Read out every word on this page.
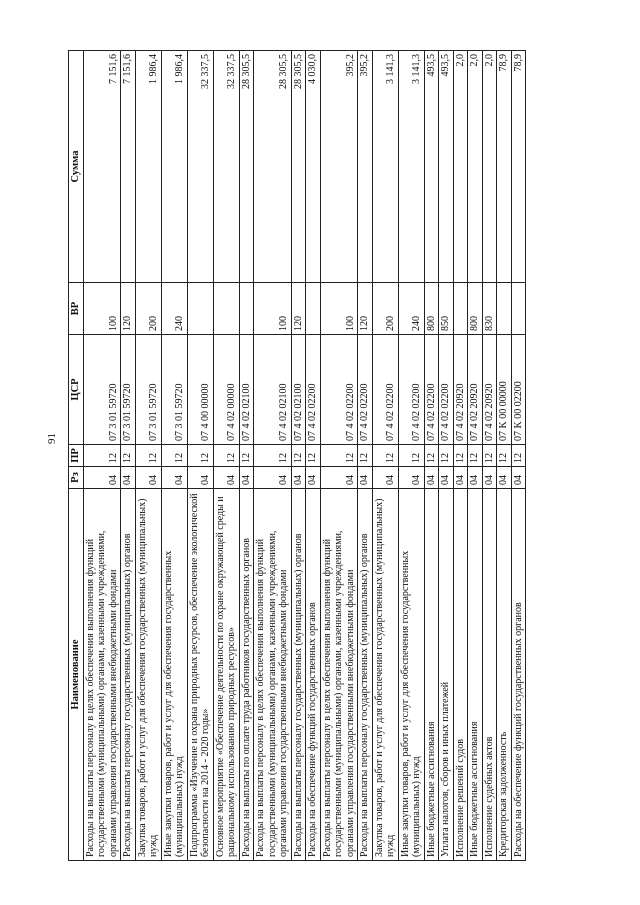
91
Наименование	Рз	ПР	ЦСР	ВР	Сумма
Расходы на выплаты персоналу в целях обеспечения выполнения функций государственными (муниципальными) органами, казенными учреждениями, органами управления государственными внебюджетными фондами	04	12	07 3 01 59720	100	7 151,6
Расходы на выплаты персоналу государственных (муниципальных) органов	04	12	07 3 01 59720	120	7 151,6
Закупка товаров, работ и услуг для обеспечения государственных (муниципальных) нужд	04	12	07 3 01 59720	200	1 986,4
Иные закупки товаров, работ и услуг для обеспечения государственных (муниципальных) нужд	04	12	07 3 01 59720	240	1 986,4
Подпрограмма «Изучение и охрана природных ресурсов, обеспечение экологической безопасности на 2014 - 2020 годы»	04	12	07 4 00 00000		32 337,5
Основное мероприятие «Обеспечение деятельности по охране окружающей среды и рациональному использованию природных ресурсов»	04	12	07 4 02 00000		32 337,5
Расходы на выплаты по оплате труда работников государственных органов	04	12	07 4 02 02100		28 305,5
Расходы на выплаты персоналу в целях обеспечения выполнения функций государственными (муниципальными) органами, казенными учреждениями, органами управления государственными внебюджетными фондами	04	12	07 4 02 02100	100	28 305,5
Расходы на выплаты персоналу государственных (муниципальных) органов	04	12	07 4 02 02100	120	28 305,5
Расходы на обеспечение функций государственных органов	04	12	07 4 02 02200		4 030,0
Расходы на выплаты персоналу в целях обеспечения выполнения функций государственными (муниципальными) органами, казенными учреждениями, органами управления государственными внебюджетными фондами	04	12	07 4 02 02200	100	395,2
Расходы на выплаты персоналу государственных (муниципальных) органов	04	12	07 4 02 02200	120	395,2
Закупка товаров, работ и услуг для обеспечения государственных (муниципальных) нужд	04	12	07 4 02 02200	200	3 141,3
Иные закупки товаров, работ и услуг для обеспечения государственных (муниципальных) нужд	04	12	07 4 02 02200	240	3 141,3
Иные бюджетные ассигнования	04	12	07 4 02 02200	800	493,5
Уплата налогов, сборов и иных платежей	04	12	07 4 02 02200	850	493,5
Исполнение решений судов	04	12	07 4 02 20920		2,0
Иные бюджетные ассигнования	04	12	07 4 02 20920	800	2,0
Исполнение судебных актов	04	12	07 4 02 20920	830	2,0
Кредиторская задолженность	04	12	07 K 00 00000		78,9
Расходы на обеспечение функций государственных органов	04	12	07 K 00 02200		78,9
